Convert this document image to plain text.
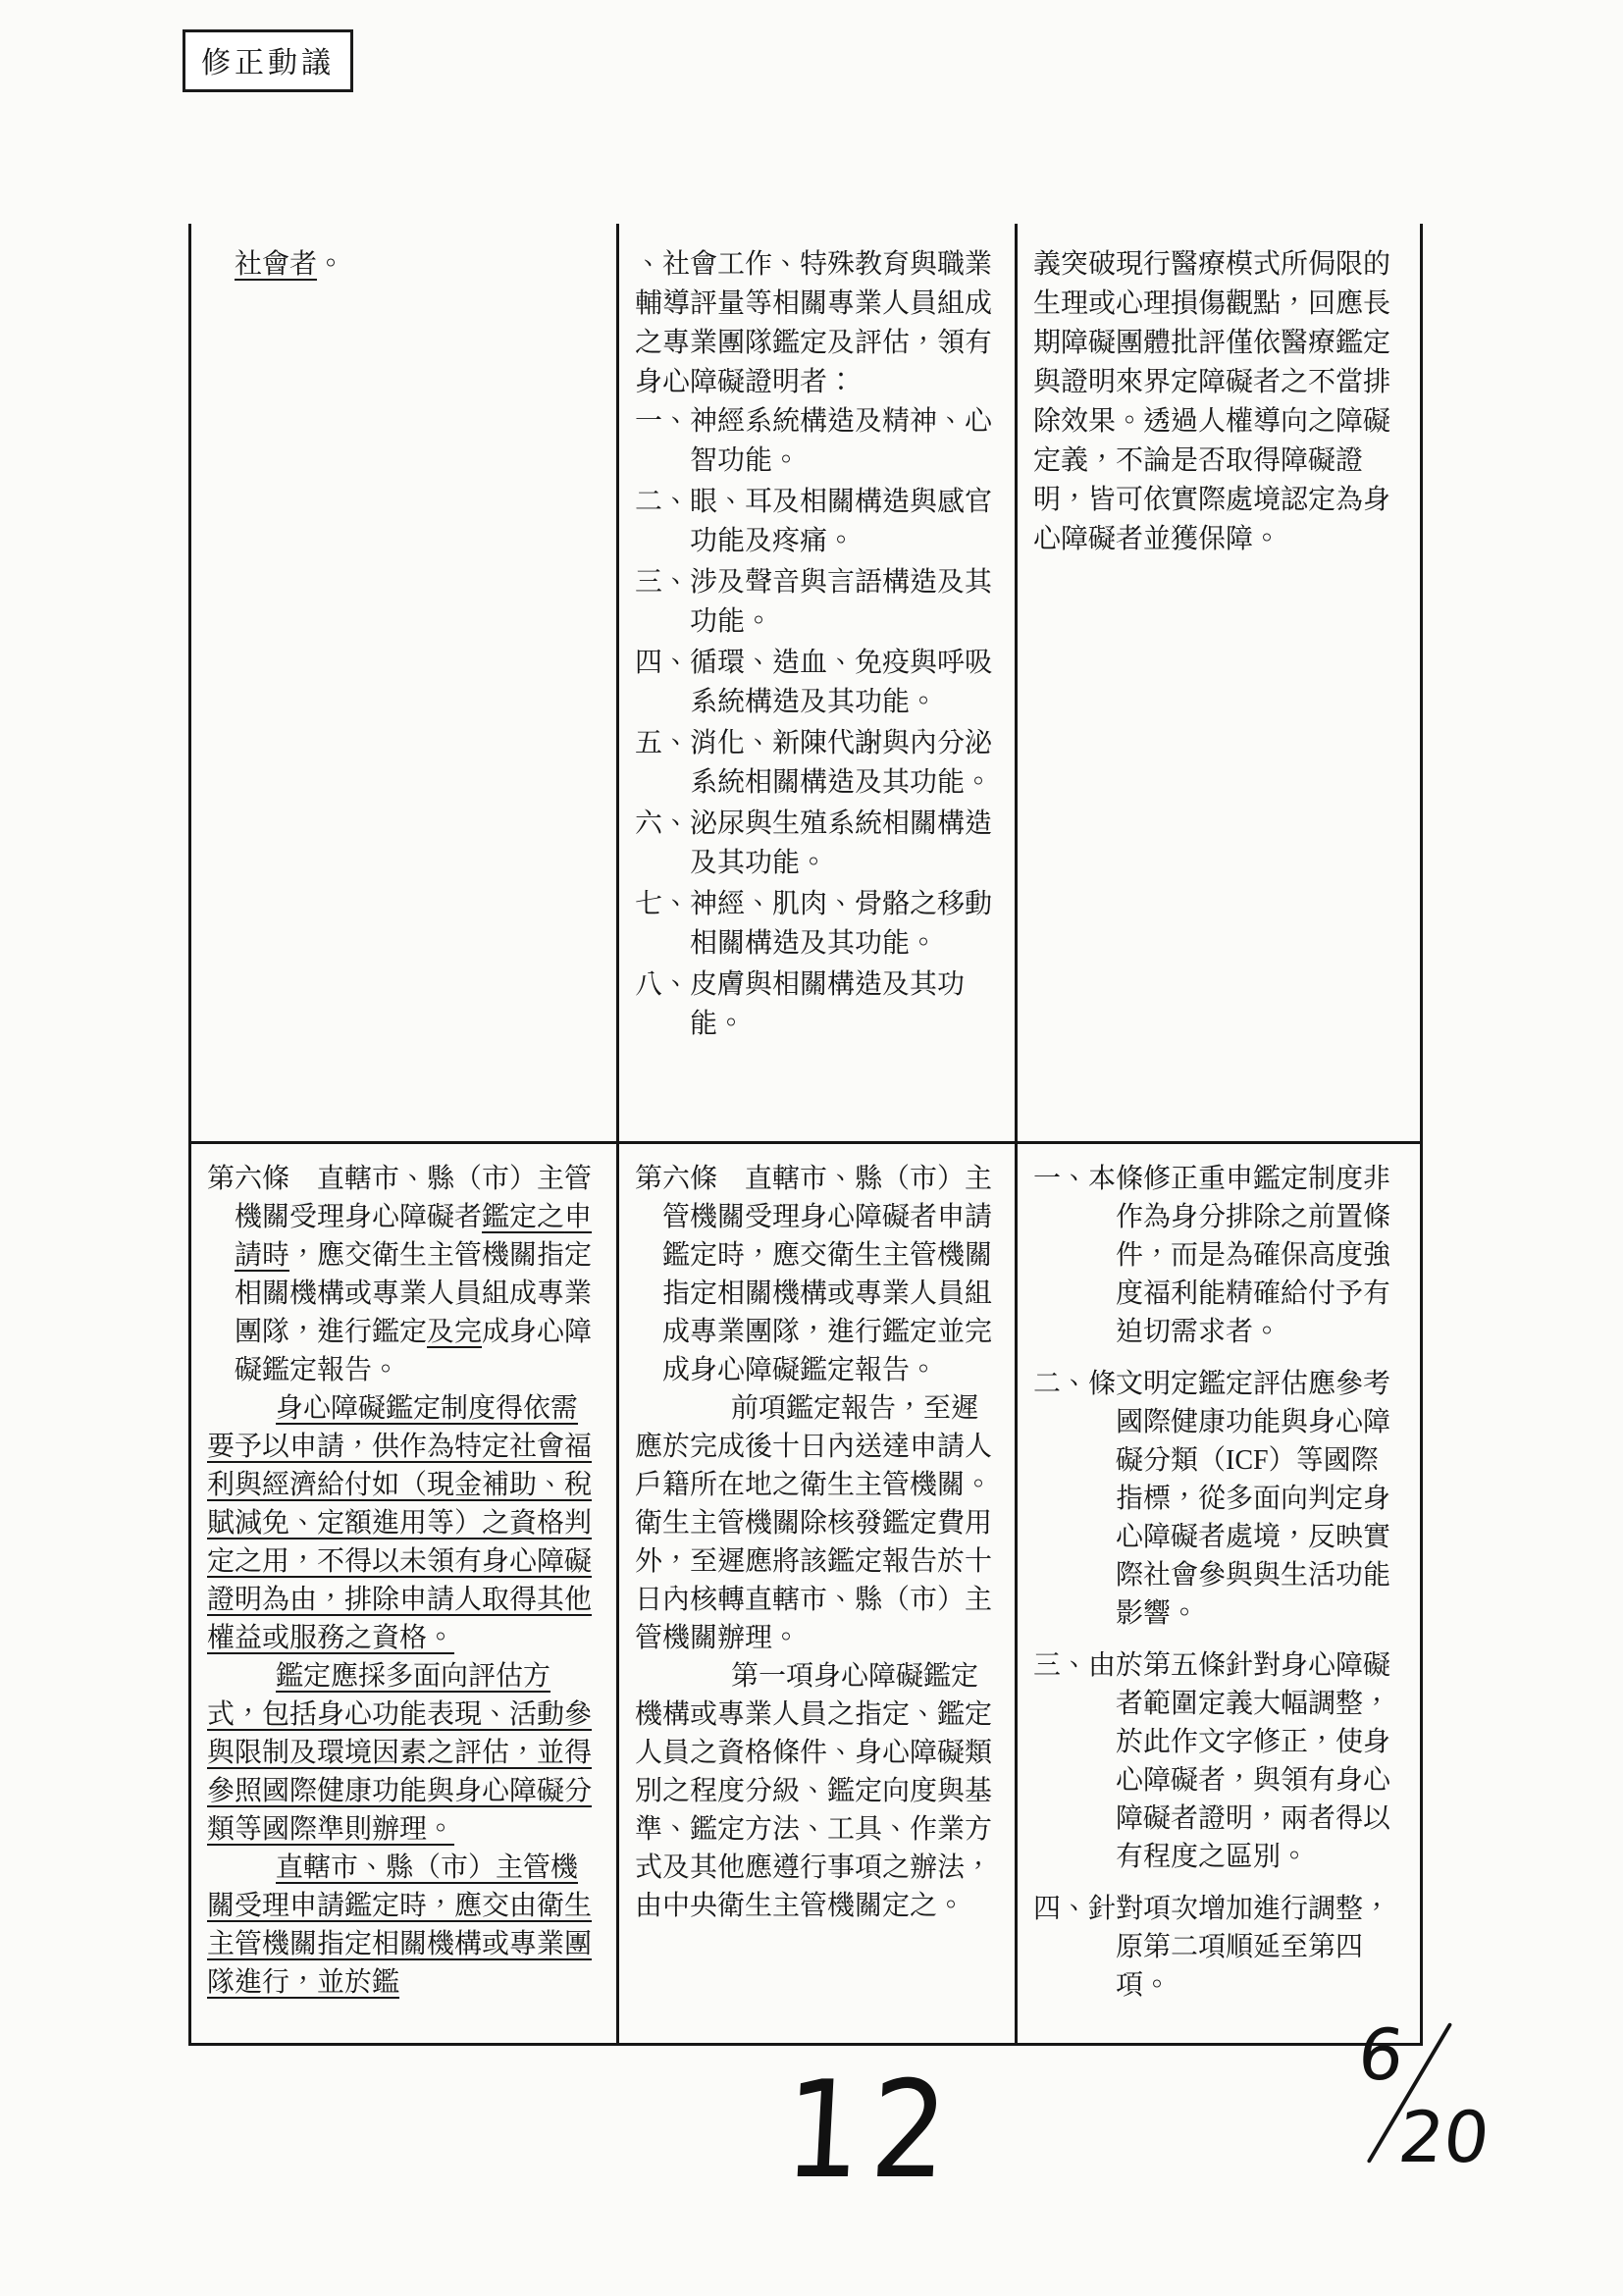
修正動議

社會者。	、社會工作、特殊教育與職業輔導評量等相關專業人員組成之專業團隊鑑定及評估，領有身心障礙證明者：

一、神經系統構造及精神、心智功能。

二、眼、耳及相關構造與感官功能及疼痛。

三、涉及聲音與言語構造及其功能。

四、循環、造血、免疫與呼吸系統構造及其功能。

五、消化、新陳代謝與內分泌系統相關構造及其功能。

六、泌尿與生殖系統相關構造及其功能。

七、神經、肌肉、骨骼之移動相關構造及其功能。

八、皮膚與相關構造及其功能。

義突破現行醫療模式所侷限的生理或心理損傷觀點，回應長期障礙團體批評僅依醫療鑑定與證明來界定障礙者之不當排除效果。透過人權導向之障礙定義，不論是否取得障礙證明，皆可依實際處境認定為身心障礙者並獲保障。

第六條　直轄市、縣（市）主管機關受理身心障礙者鑑定之申請時，應交衛生主管機關指定相關機構或專業人員組成專業團隊，進行鑑定及完成身心障礙鑑定報告。

身心障礙鑑定制度得依需要予以申請，供作為特定社會福利與經濟給付如（現金補助、稅賦減免、定額進用等）之資格判定之用，不得以未領有身心障礙證明為由，排除申請人取得其他權益或服務之資格。

鑑定應採多面向評估方式，包括身心功能表現、活動參與限制及環境因素之評估，並得參照國際健康功能與身心障礙分類等國際準則辦理。

直轄市、縣（市）主管機關受理申請鑑定時，應交由衛生主管機關指定相關機構或專業團隊進行，並於鑑

第六條　直轄市、縣（市）主管機關受理身心障礙者申請鑑定時，應交衛生主管機關指定相關機構或專業人員組成專業團隊，進行鑑定並完成身心障礙鑑定報告。

前項鑑定報告，至遲應於完成後十日內送達申請人戶籍所在地之衛生主管機關。衛生主管機關除核發鑑定費用外，至遲應將該鑑定報告於十日內核轉直轄市、縣（市）主管機關辦理。

第一項身心障礙鑑定機構或專業人員之指定、鑑定人員之資格條件、身心障礙類別之程度分級、鑑定向度與基準、鑑定方法、工具、作業方式及其他應遵行事項之辦法，由中央衛生主管機關定之。

一、本條修正重申鑑定制度非作為身分排除之前置條件，而是為確保高度強度福利能精確給付予有迫切需求者。

二、條文明定鑑定評估應參考國際健康功能與身心障礙分類（ICF）等國際指標，從多面向判定身心障礙者處境，反映實際社會參與與生活功能影響。

三、由於第五條針對身心障礙者範圍定義大幅調整，於此作文字修正，使身心障礙者，與領有身心障礙者證明，兩者得以有程度之區別。

四、針對項次增加進行調整，原第二項順延至第四項。

12	6
20
